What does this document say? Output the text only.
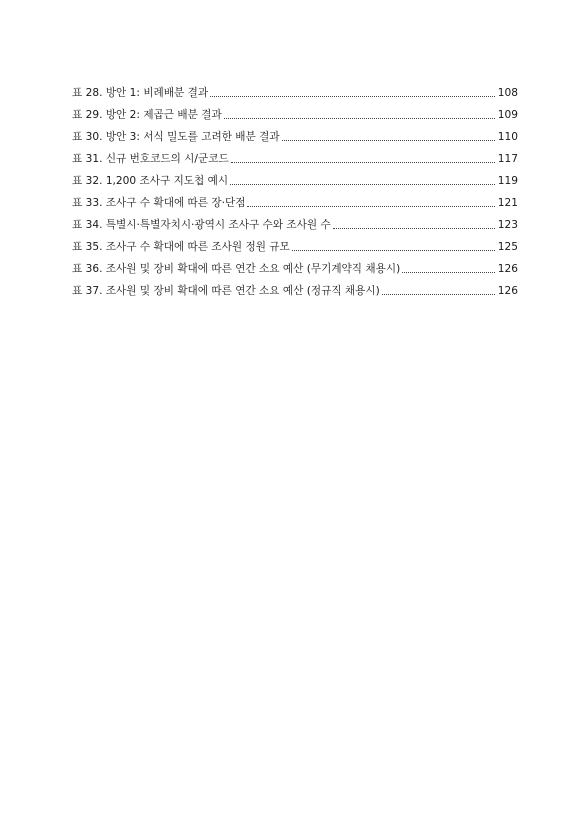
표 28. 방안 1: 비례배분 결과	108
표 29. 방안 2: 제곱근 배분 결과	109
표 30. 방안 3: 서식 밀도를 고려한 배분 결과	110
표 31. 신규 번호코드의 시/군코드	117
표 32. 1,200 조사구 지도첩 예시	119
표 33. 조사구 수 확대에 따른 장·단점	121
표 34. 특별시·특별자치시·광역시 조사구 수와 조사원 수	123
표 35. 조사구 수 확대에 따른 조사원 정원 규모	125
표 36. 조사원 및 장비 확대에 따른 연간 소요 예산 (무기계약직 채용시)	126
표 37. 조사원 및 장비 확대에 따른 연간 소요 예산 (정규직 채용시)	126
